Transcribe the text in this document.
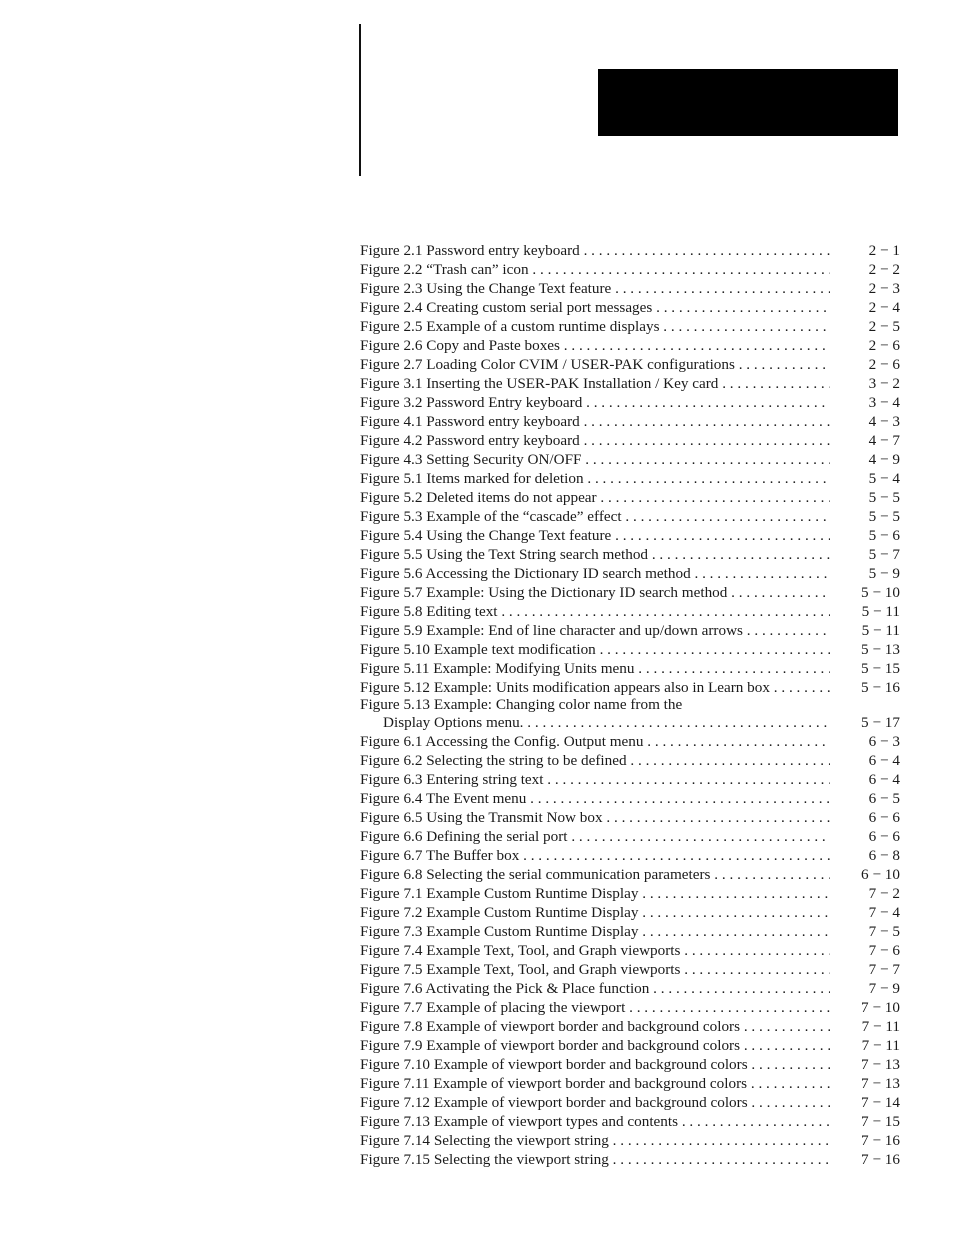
Figure 2.1 Password entry keyboard . . .	2 − 1
Figure 2.2 “Trash can” icon . . .	2 − 2
Figure 2.3 Using the Change Text feature . . .	2 − 3
Figure 2.4 Creating custom serial port messages . . .	2 − 4
Figure 2.5 Example of a custom runtime displays . . .	2 − 5
Figure 2.6 Copy and Paste boxes . . .	2 − 6
Figure 2.7 Loading Color CVIM / USER-PAK configurations . . .	2 − 6
Figure 3.1 Inserting the USER-PAK Installation / Key card . . .	3 − 2
Figure 3.2 Password Entry keyboard . . .	3 − 4
Figure 4.1 Password entry keyboard . . .	4 − 3
Figure 4.2 Password entry keyboard . . .	4 − 7
Figure 4.3 Setting Security ON/OFF . . .	4 − 9
Figure 5.1 Items marked for deletion . . .	5 − 4
Figure 5.2 Deleted items do not appear . . .	5 − 5
Figure 5.3 Example of the “cascade” effect . . .	5 − 5
Figure 5.4 Using the Change Text feature . . .	5 − 6
Figure 5.5 Using the Text String search method . . .	5 − 7
Figure 5.6 Accessing the Dictionary ID search method . . .	5 − 9
Figure 5.7 Example: Using the Dictionary ID search method . . .	5 − 10
Figure 5.8 Editing text . . .	5 − 11
Figure 5.9 Example: End of line character and up/down arrows . . .	5 − 11
Figure 5.10 Example text modification . . .	5 − 13
Figure 5.11 Example: Modifying Units menu . . .	5 − 15
Figure 5.12 Example: Units modification appears also in Learn box . . .	5 − 16
Figure 5.13 Example: Changing color name from the
Display Options menu. . . .	5 − 17
Figure 6.1 Accessing the Config. Output menu . . .	6 − 3
Figure 6.2 Selecting the string to be defined . . .	6 − 4
Figure 6.3 Entering string text . . .	6 − 4
Figure 6.4 The Event menu . . .	6 − 5
Figure 6.5 Using the Transmit Now box . . .	6 − 6
Figure 6.6 Defining the serial port . . .	6 − 6
Figure 6.7 The Buffer box . . .	6 − 8
Figure 6.8 Selecting the serial communication parameters . . .	6 − 10
Figure 7.1 Example Custom Runtime Display . . .	7 − 2
Figure 7.2 Example Custom Runtime Display . . .	7 − 4
Figure 7.3 Example Custom Runtime Display . . .	7 − 5
Figure 7.4 Example Text, Tool, and Graph viewports . . .	7 − 6
Figure 7.5 Example Text, Tool, and Graph viewports . . .	7 − 7
Figure 7.6 Activating the Pick & Place function . . .	7 − 9
Figure 7.7 Example of placing the viewport . . .	7 − 10
Figure 7.8 Example of viewport border and background colors . . .	7 − 11
Figure 7.9 Example of viewport border and background colors . . .	7 − 11
Figure 7.10 Example of viewport border and background colors . . .	7 − 13
Figure 7.11 Example of viewport border and background colors . . .	7 − 13
Figure 7.12 Example of viewport border and background colors . . .	7 − 14
Figure 7.13 Example of viewport types and contents . . .	7 − 15
Figure 7.14 Selecting the viewport string . . .	7 − 16
Figure 7.15 Selecting the viewport string . . .	7 − 16
